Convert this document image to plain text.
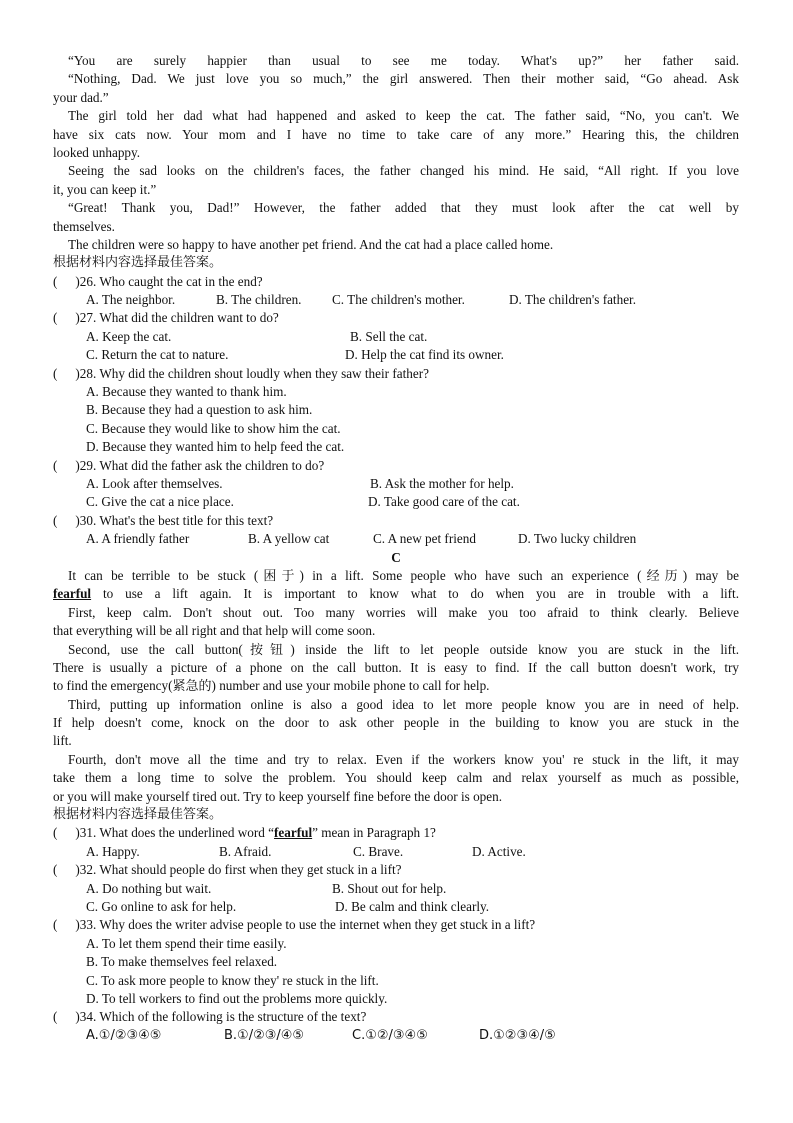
“You are surely happier than usual to see me today. What's up?” her father said.
“Nothing, Dad. We just love you so much,” the girl answered. Then their mother said, “Go ahead. Ask
your dad.”
The girl told her dad what had happened and asked to keep the cat. The father said, “No, you can't. We
have six cats now. Your mom and I have no time to take care of any more.” Hearing this, the children
looked unhappy.
Seeing the sad looks on the children's faces, the father changed his mind. He said, “All right. If you love
it, you can keep it.”
“Great! Thank you, Dad!” However, the father added that they must look after the cat well by
themselves.
The children were so happy to have another pet friend. And the cat had a place called home.
根据材料内容选择最佳答案。
( )26. Who caught the cat in the end?
A. The neighbor.	B. The children. C. The children's mother.	D. The children's father.
( )27. What did the children want to do?
A. Keep the cat.	B. Sell the cat.
C. Return the cat to nature.	D. Help the cat find its owner.
( )28. Why did the children shout loudly when they saw their father?
A. Because they wanted to thank him.
B. Because they had a question to ask him.
C. Because they would like to show him the cat.
D. Because they wanted him to help feed the cat.
( )29. What did the father ask the children to do?
A. Look after themselves.	B. Ask the mother for help.
C. Give the cat a nice place.	D. Take good care of the cat.
( )30. What's the best title for this text?
A. A friendly father	B. A yellow cat	C. A new pet friend	D. Two lucky children
C
It can be terrible to be stuck (困于) in a lift. Some people who have such an experience (经历) may be
fearful to use a lift again. It is important to know what to do when you are in trouble with a lift.
First, keep calm. Don't shout out. Too many worries will make you too afraid to think clearly. Believe
that everything will be all right and that help will come soon.
Second, use the call button(按钮) inside the lift to let people outside know you are stuck in the lift.
There is usually a picture of a phone on the call button. It is easy to find. If the call button doesn't work, try
to find the emergency(紧急的) number and use your mobile phone to call for help.
Third, putting up information online is also a good idea to let more people know you are in need of help.
If help doesn't come, knock on the door to ask other people in the building to know you are stuck in the
lift.
Fourth, don't move all the time and try to relax. Even if the workers know you' re stuck in the lift, it may
take them a long time to solve the problem. You should keep calm and relax yourself as much as possible,
or you will make yourself tired out. Try to keep yourself fine before the door is open.
根据材料内容选择最佳答案。
( )31. What does the underlined word “fearful” mean in Paragraph 1?
A. Happy.	B. Afraid.	C. Brave.	D. Active.
( )32. What should people do first when they get stuck in a lift?
A. Do nothing but wait.	B. Shout out for help.
C. Go online to ask for help.	D. Be calm and think clearly.
( )33. Why does the writer advise people to use the internet when they get stuck in a lift?
A. To let them spend their time easily.
B. To make themselves feel relaxed.
C. To ask more people to know they' re stuck in the lift.
D. To tell workers to find out the problems more quickly.
( )34. Which of the following is the structure of the text?
A.①/②③④⑤	B.①/②③/④⑤	C.①②/③④⑤	D.①②③④/⑤
